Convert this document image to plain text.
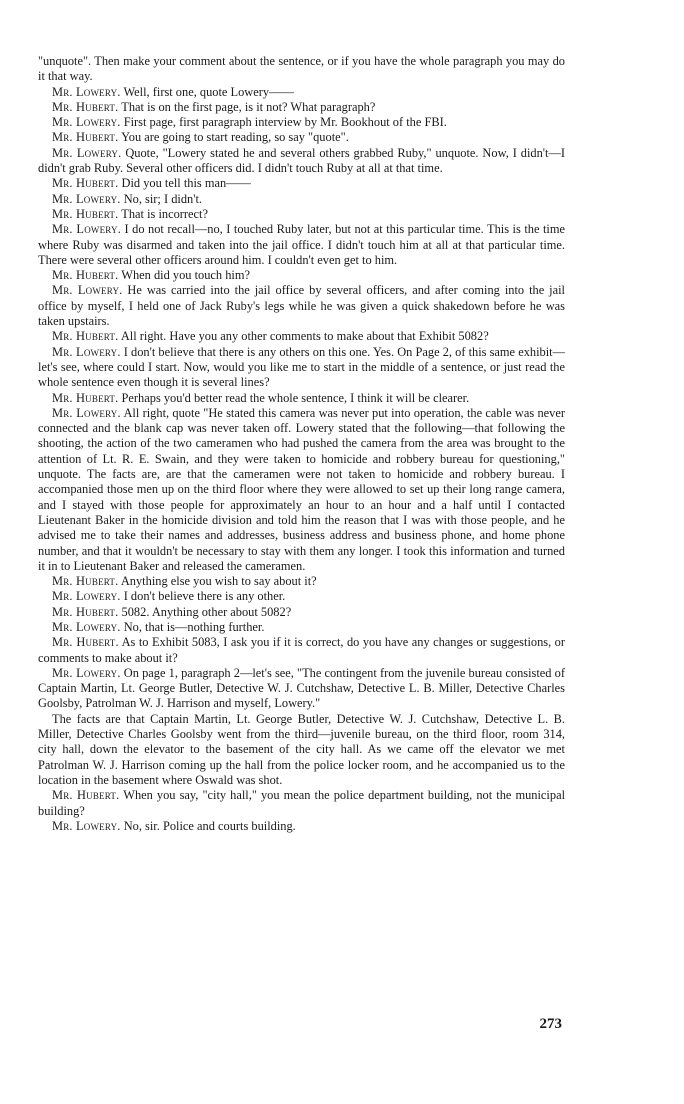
"unquote". Then make your comment about the sentence, or if you have the whole paragraph you may do it that way.

Mr. Lowery. Well, first one, quote Lowery——

Mr. Hubert. That is on the first page, is it not? What paragraph?

Mr. Lowery. First page, first paragraph interview by Mr. Bookhout of the FBI.

Mr. Hubert. You are going to start reading, so say "quote".

Mr. Lowery. Quote, "Lowery stated he and several others grabbed Ruby," unquote. Now, I didn't—I didn't grab Ruby. Several other officers did. I didn't touch Ruby at all at that time.

Mr. Hubert. Did you tell this man——

Mr. Lowery. No, sir; I didn't.

Mr. Hubert. That is incorrect?

Mr. Lowery. I do not recall—no, I touched Ruby later, but not at this particular time. This is the time where Ruby was disarmed and taken into the jail office. I didn't touch him at all at that particular time. There were several other officers around him. I couldn't even get to him.

Mr. Hubert. When did you touch him?

Mr. Lowery. He was carried into the jail office by several officers, and after coming into the jail office by myself, I held one of Jack Ruby's legs while he was given a quick shakedown before he was taken upstairs.

Mr. Hubert. All right. Have you any other comments to make about that Exhibit 5082?

Mr. Lowery. I don't believe that there is any others on this one. Yes. On Page 2, of this same exhibit—let's see, where could I start. Now, would you like me to start in the middle of a sentence, or just read the whole sentence even though it is several lines?

Mr. Hubert. Perhaps you'd better read the whole sentence, I think it will be clearer.

Mr. Lowery. All right, quote "He stated this camera was never put into operation, the cable was never connected and the blank cap was never taken off. Lowery stated that the following—that following the shooting, the action of the two cameramen who had pushed the camera from the area was brought to the attention of Lt. R. E. Swain, and they were taken to homicide and robbery bureau for questioning," unquote. The facts are, are that the cameramen were not taken to homicide and robbery bureau. I accompanied those men up on the third floor where they were allowed to set up their long range camera, and I stayed with those people for approximately an hour to an hour and a half until I contacted Lieutenant Baker in the homicide division and told him the reason that I was with those people, and he advised me to take their names and addresses, business address and business phone, and home phone number, and that it wouldn't be necessary to stay with them any longer. I took this information and turned it in to Lieutenant Baker and released the cameramen.

Mr. Hubert. Anything else you wish to say about it?

Mr. Lowery. I don't believe there is any other.

Mr. Hubert. 5082. Anything other about 5082?

Mr. Lowery. No, that is—nothing further.

Mr. Hubert. As to Exhibit 5083, I ask you if it is correct, do you have any changes or suggestions, or comments to make about it?

Mr. Lowery. On page 1, paragraph 2—let's see, "The contingent from the juvenile bureau consisted of Captain Martin, Lt. George Butler, Detective W. J. Cutchshaw, Detective L. B. Miller, Detective Charles Goolsby, Patrolman W. J. Harrison and myself, Lowery."

The facts are that Captain Martin, Lt. George Butler, Detective W. J. Cutchshaw, Detective L. B. Miller, Detective Charles Goolsby went from the third—juvenile bureau, on the third floor, room 314, city hall, down the elevator to the basement of the city hall. As we came off the elevator we met Patrolman W. J. Harrison coming up the hall from the police locker room, and he accompanied us to the location in the basement where Oswald was shot.

Mr. Hubert. When you say, "city hall," you mean the police department building, not the municipal building?

Mr. Lowery. No, sir. Police and courts building.

273
